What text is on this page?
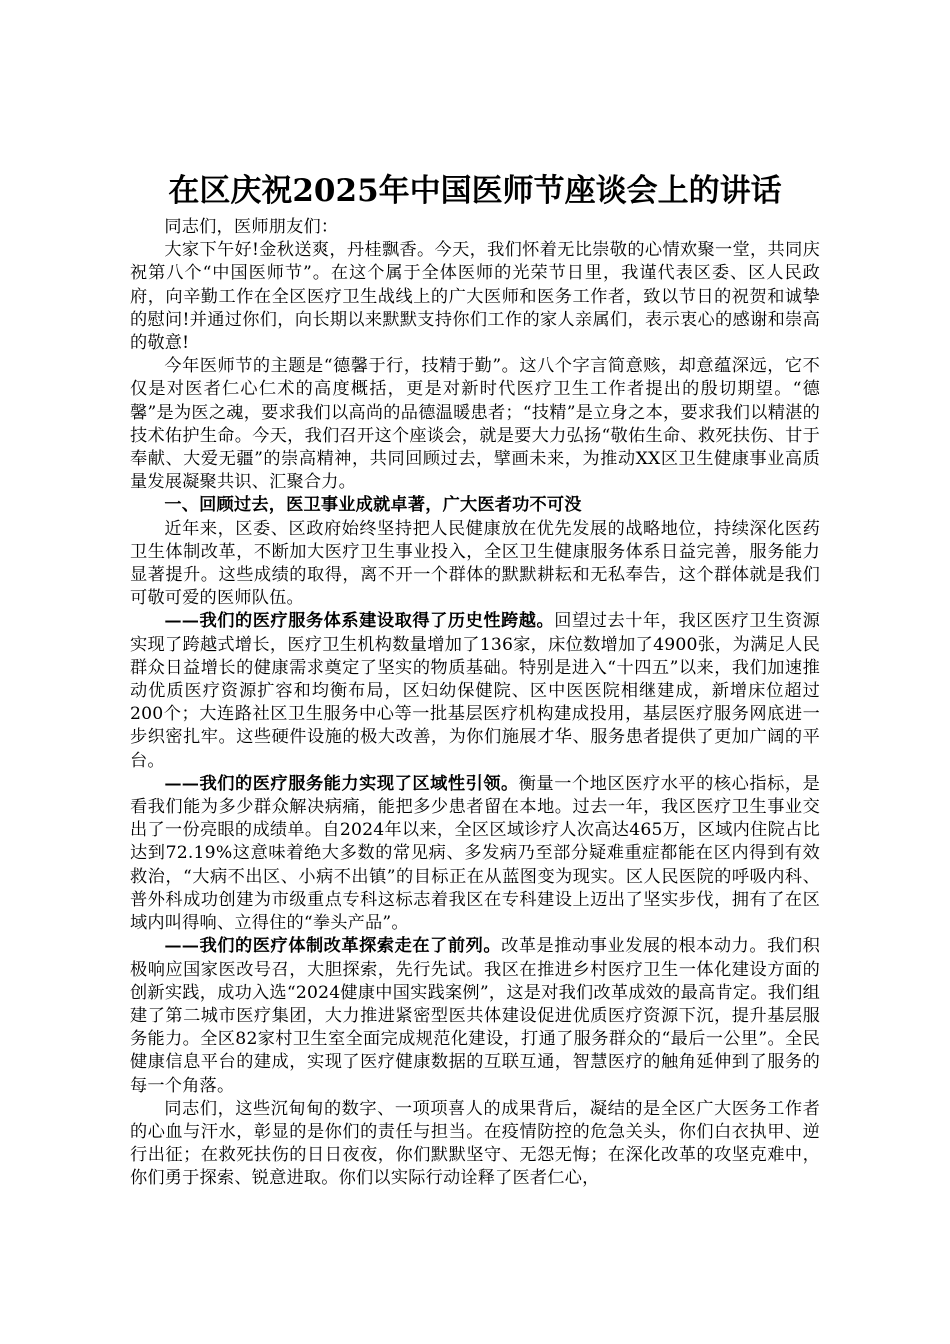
在区庆祝2025年中国医师节座谈会上的讲话

同志们，医师朋友们：

大家下午好!金秋送爽，丹桂飘香。今天，我们怀着无比崇敬的心情欢聚一堂，共同庆祝第八个“中国医师节”。在这个属于全体医师的光荣节日里，我谨代表区委、区人民政府，向辛勤工作在全区医疗卫生战线上的广大医师和医务工作者，致以节日的祝贺和诚挚的慰问!并通过你们，向长期以来默默支持你们工作的家人亲属们，表示衷心的感谢和崇高的敬意!

今年医师节的主题是“德馨于行，技精于勤”。这八个字言简意赅，却意蕴深远，它不仅是对医者仁心仁术的高度概括，更是对新时代医疗卫生工作者提出的殷切期望。“德馨”是为医之魂，要求我们以高尚的品德温暖患者；“技精”是立身之本，要求我们以精湛的技术佑护生命。今天，我们召开这个座谈会，就是要大力弘扬“敬佑生命、救死扶伤、甘于奉献、大爱无疆”的崇高精神，共同回顾过去，擘画未来，为推动XX区卫生健康事业高质量发展凝聚共识、汇聚合力。

一、回顾过去，医卫事业成就卓著，广大医者功不可没

近年来，区委、区政府始终坚持把人民健康放在优先发展的战略地位，持续深化医药卫生体制改革，不断加大医疗卫生事业投入，全区卫生健康服务体系日益完善，服务能力显著提升。这些成绩的取得，离不开一个群体的默默耕耘和无私奉告，这个群体就是我们可敬可爱的医师队伍。

——我们的医疗服务体系建设取得了历史性跨越。回望过去十年，我区医疗卫生资源实现了跨越式增长，医疗卫生机构数量增加了136家，床位数增加了4900张，为满足人民群众日益增长的健康需求奠定了坚实的物质基础。特别是进入“十四五”以来，我们加速推动优质医疗资源扩容和均衡布局，区妇幼保健院、区中医医院相继建成，新增床位超过200个；大连路社区卫生服务中心等一批基层医疗机构建成投用，基层医疗服务网底进一步织密扎牢。这些硬件设施的极大改善，为你们施展才华、服务患者提供了更加广阔的平台。

——我们的医疗服务能力实现了区域性引领。衡量一个地区医疗水平的核心指标，是看我们能为多少群众解决病痛，能把多少患者留在本地。过去一年，我区医疗卫生事业交出了一份亮眼的成绩单。自2024年以来，全区区域诊疗人次高达465万，区域内住院占比达到72.19%这意味着绝大多数的常见病、多发病乃至部分疑难重症都能在区内得到有效救治，“大病不出区、小病不出镇”的目标正在从蓝图变为现实。区人民医院的呼吸内科、普外科成功创建为市级重点专科这标志着我区在专科建设上迈出了坚实步伐，拥有了在区域内叫得响、立得住的“拳头产品”。

——我们的医疗体制改革探索走在了前列。改革是推动事业发展的根本动力。我们积极响应国家医改号召，大胆探索，先行先试。我区在推进乡村医疗卫生一体化建设方面的创新实践，成功入选“2024健康中国实践案例”，这是对我们改革成效的最高肯定。我们组建了第二城市医疗集团，大力推进紧密型医共体建设促进优质医疗资源下沉，提升基层服务能力。全区82家村卫生室全面完成规范化建设，打通了服务群众的“最后一公里”。全民健康信息平台的建成，实现了医疗健康数据的互联互通，智慧医疗的触角延伸到了服务的每一个角落。

同志们，这些沉甸甸的数字、一项项喜人的成果背后，凝结的是全区广大医务工作者的心血与汗水，彰显的是你们的责任与担当。在疫情防控的危急关头，你们白衣执甲、逆行出征；在救死扶伤的日日夜夜，你们默默坚守、无怨无悔；在深化改革的攻坚克难中，你们勇于探索、锐意进取。你们以实际行动诠释了医者仁心，
